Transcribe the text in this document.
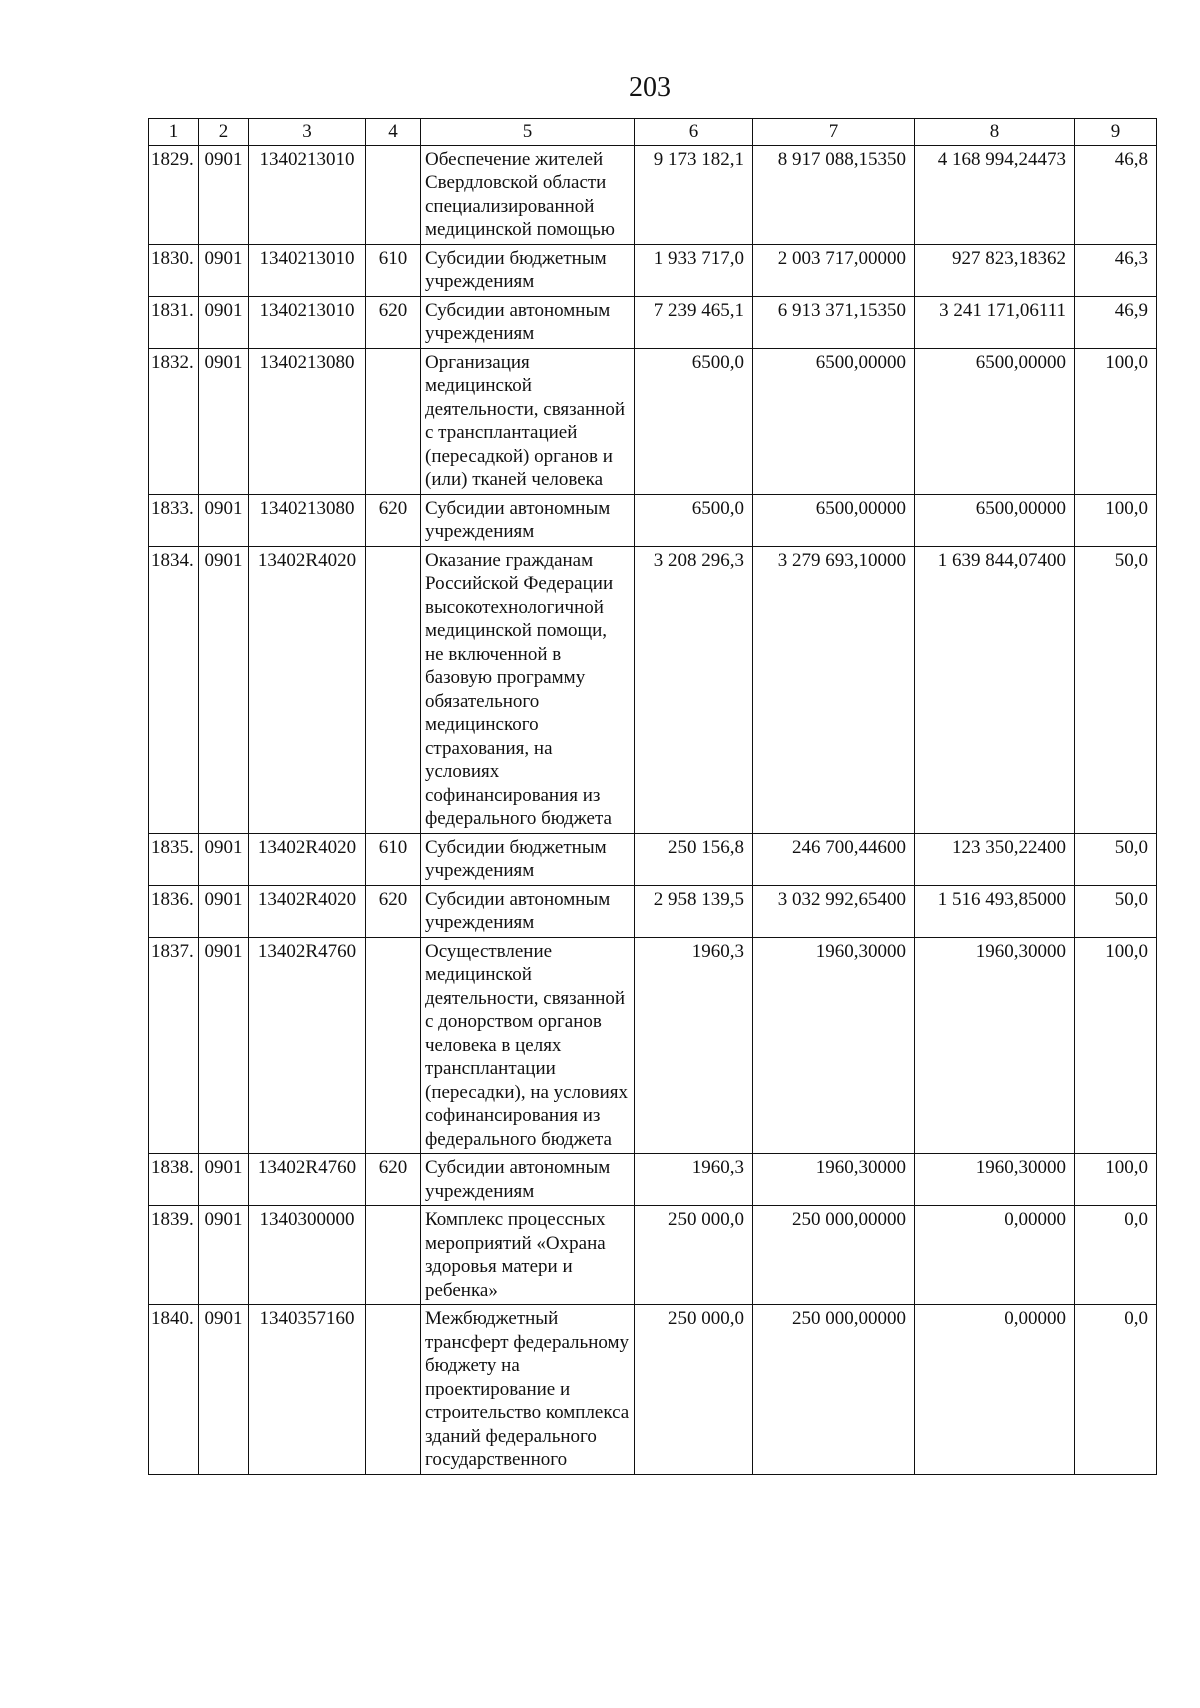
203
1	2	3	4	5	6	7	8	9
1829.	0901	1340213010		Обеспечение жителей Свердловской области специализированной медицинской помощью	9 173 182,1	8 917 088,15350	4 168 994,24473	46,8
1830.	0901	1340213010	610	Субсидии бюджетным учреждениям	1 933 717,0	2 003 717,00000	927 823,18362	46,3
1831.	0901	1340213010	620	Субсидии автономным учреждениям	7 239 465,1	6 913 371,15350	3 241 171,06111	46,9
1832.	0901	1340213080		Организация медицинской деятельности, связанной с трансплантацией (пересадкой) органов и (или) тканей человека	6500,0	6500,00000	6500,00000	100,0
1833.	0901	1340213080	620	Субсидии автономным учреждениям	6500,0	6500,00000	6500,00000	100,0
1834.	0901	13402R4020		Оказание гражданам Российской Федерации высокотехнологичной медицинской помощи, не включенной в базовую программу обязательного медицинского страхования, на условиях софинансирования из федерального бюджета	3 208 296,3	3 279 693,10000	1 639 844,07400	50,0
1835.	0901	13402R4020	610	Субсидии бюджетным учреждениям	250 156,8	246 700,44600	123 350,22400	50,0
1836.	0901	13402R4020	620	Субсидии автономным учреждениям	2 958 139,5	3 032 992,65400	1 516 493,85000	50,0
1837.	0901	13402R4760		Осуществление медицинской деятельности, связанной с донорством органов человека в целях трансплантации (пересадки), на условиях софинансирования из федерального бюджета	1960,3	1960,30000	1960,30000	100,0
1838.	0901	13402R4760	620	Субсидии автономным учреждениям	1960,3	1960,30000	1960,30000	100,0
1839.	0901	1340300000		Комплекс процессных мероприятий «Охрана здоровья матери и ребенка»	250 000,0	250 000,00000	0,00000	0,0
1840.	0901	1340357160		Межбюджетный трансферт федеральному бюджету на проектирование и строительство комплекса зданий федерального государственного	250 000,0	250 000,00000	0,00000	0,0
